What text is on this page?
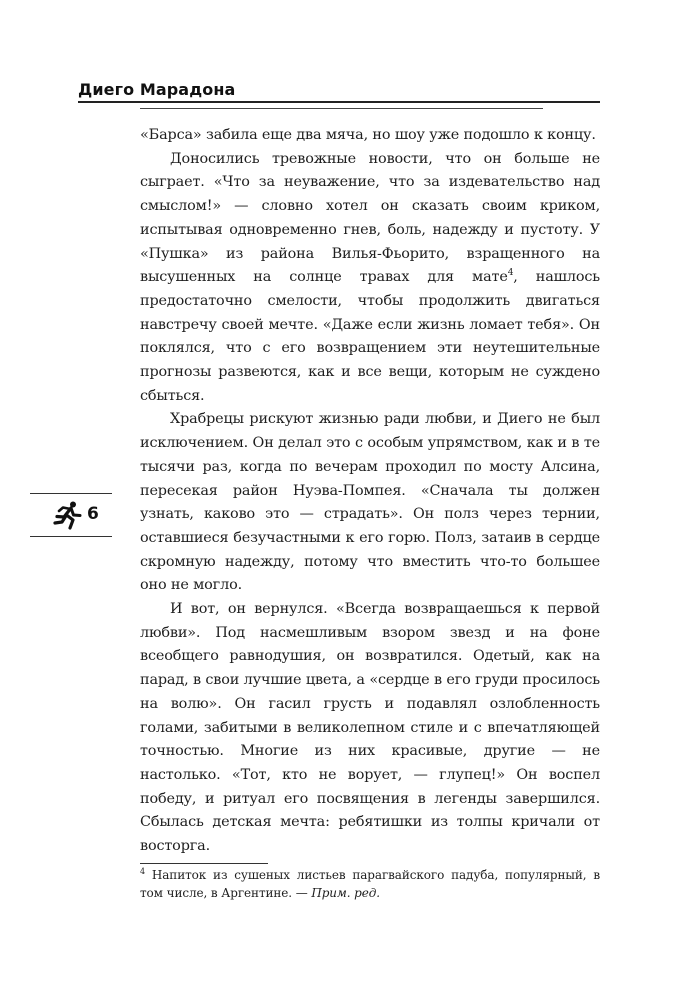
Диего Марадона

«Барса» забила еще два мяча, но шоу уже подошло к концу.

Доносились тревожные новости, что он больше не сыграет. «Что за неуважение, что за издевательство над смыслом!» — словно хотел он сказать своим криком, испытывая одновременно гнев, боль, надежду и пустоту. У «Пушка» из района Вилья-Фьорито, взращенного на высушенных на солнце травах для мате$^4$, нашлось предостаточно смелости, чтобы продолжить двигаться навстречу своей мечте. «Даже если жизнь ломает тебя». Он поклялся, что с его возвращением эти неутешительные прогнозы развеются, как и все вещи, которым не суждено сбыться.

Храбрецы рискуют жизнью ради любви, и Диего не был исключением. Он делал это с особым упрямством, как и в те тысячи раз, когда по вечерам проходил по мосту Алсина, пересекая район Нуэва-Помпея. «Сначала ты должен узнать, каково это — страдать». Он полз через тернии, оставшиеся безучастными к его горю. Полз, затаив в сердце скромную надежду, потому что вместить что-то большее оно не могло.

И вот, он вернулся. «Всегда возвращаешься к первой любви». Под насмешливым взором звезд и на фоне всеобщего равнодушия, он возвратился. Одетый, как на парад, в свои лучшие цвета, а «сердце в его груди просилось на волю». Он гасил грусть и подавлял озлобленность голами, забитыми в великолепном стиле и с впечатляющей точностью. Многие из них красивые, другие — не настолько. «Тот, кто не ворует, — глупец!» Он воспел победу, и ритуал его посвящения в легенды завершился. Сбылась детская мечта: ребятишки из толпы кричали от восторга.

6
$^4$ Напиток из сушеных листьев парагвайского падуба, популярный, в том числе, в Аргентине. — Прим. ред.
